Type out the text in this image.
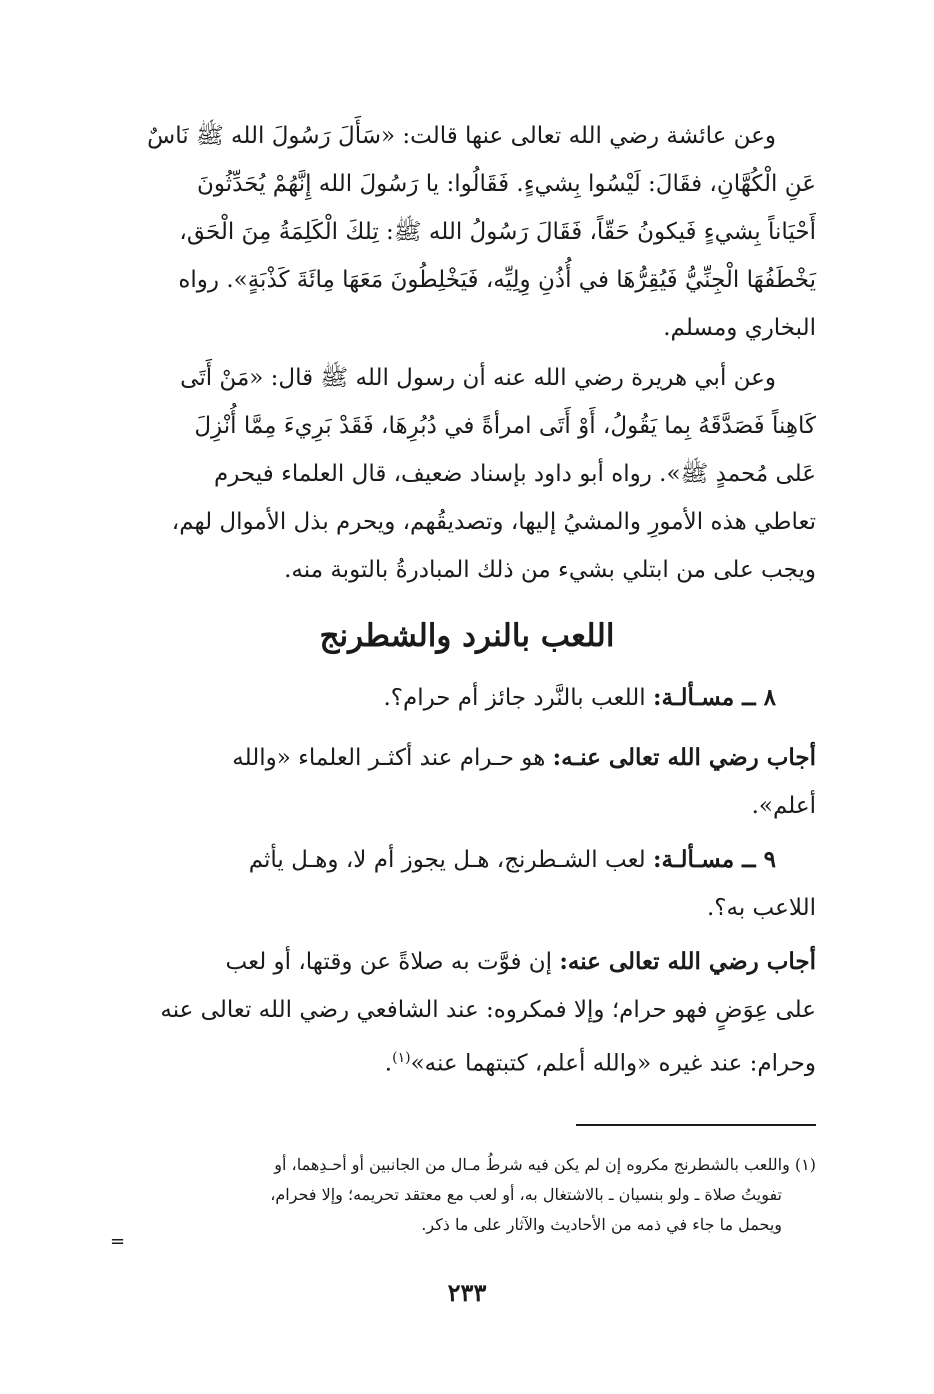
وعن عائشة رضي الله تعالى عنها قالت: «سَأَلَ رَسُولَ الله ﷺ نَاسٌ

عَنِ الْكُهَّانِ، فقَالَ: لَيْسُوا بِشيءٍ. فَقَالُوا: يا رَسُولَ الله إِنَّهُمْ يُحَدِّثُونَ

أَحْيَاناً بِشيءٍ فَيكونُ حَقّاً، فَقَالَ رَسُولُ الله ﷺ: تِلكَ الْكَلِمَةُ مِنَ الْحَق،

يَخْطَفُهَا الْجِنِّيُّ فَيُقِرُّهَا في أُذُنِ وِلِيِّه، فَيَخْلِطُونَ مَعَهَا مِائَةَ كَذْبَةٍ». رواه

البخاري ومسلم.

وعن أبي هريرة رضي الله عنه أن رسول الله ﷺ قال: «مَنْ أَتَى

كَاهِناً فَصَدَّقَهُ بِما يَقُولُ، أَوْ أَتَى امرأةً في دُبُرِهَا، فَقَدْ بَرِيءَ مِمَّا أُنْزِلَ

عَلى مُحمدٍ ﷺ». رواه أبو داود بإسناد ضعيف، قال العلماء فيحرم

تعاطي هذه الأمورِ والمشيُ إليها، وتصديقُهم، ويحرم بذل الأموال لهم،

ويجب على من ابتلي بشيء من ذلك المبادرةُ بالتوبة منه.

اللعب بالنرد والشطرنج

٨ ــ مسـألـة: اللعب بالنَّرد جائز أم حرام؟.

أجاب رضي الله تعالى عنـه: هو حـرام عند أكثـر العلماء «والله

أعلم».

٩ ــ مسـألـة: لعب الشـطرنج، هـل يجوز أم لا، وهـل يأثم

اللاعب به؟.

أجاب رضي الله تعالى عنه: إن فوَّت به صلاةً عن وقتها، أو لعب

على عِوَضٍ فهو حرام؛ وإلا فمكروه: عند الشافعي رضي الله تعالى عنه

وحرام: عند غيره «والله أعلم، كتبتهما عنه»$^{(١)}$.

(١) واللعب بالشطرنج مكروه إن لم يكن فيه شرطُ مـال من الجانبين أو أحـدِهما، أو

تفويتُ صلاة ـ ولو بنسيان ـ بالاشتغال به، أو لعب مع معتقد تحريمه؛ وإلا فحرام،

ويحمل ما جاء في ذمه من الأحاديث والآثار على ما ذكر.

=
٢٣٣
